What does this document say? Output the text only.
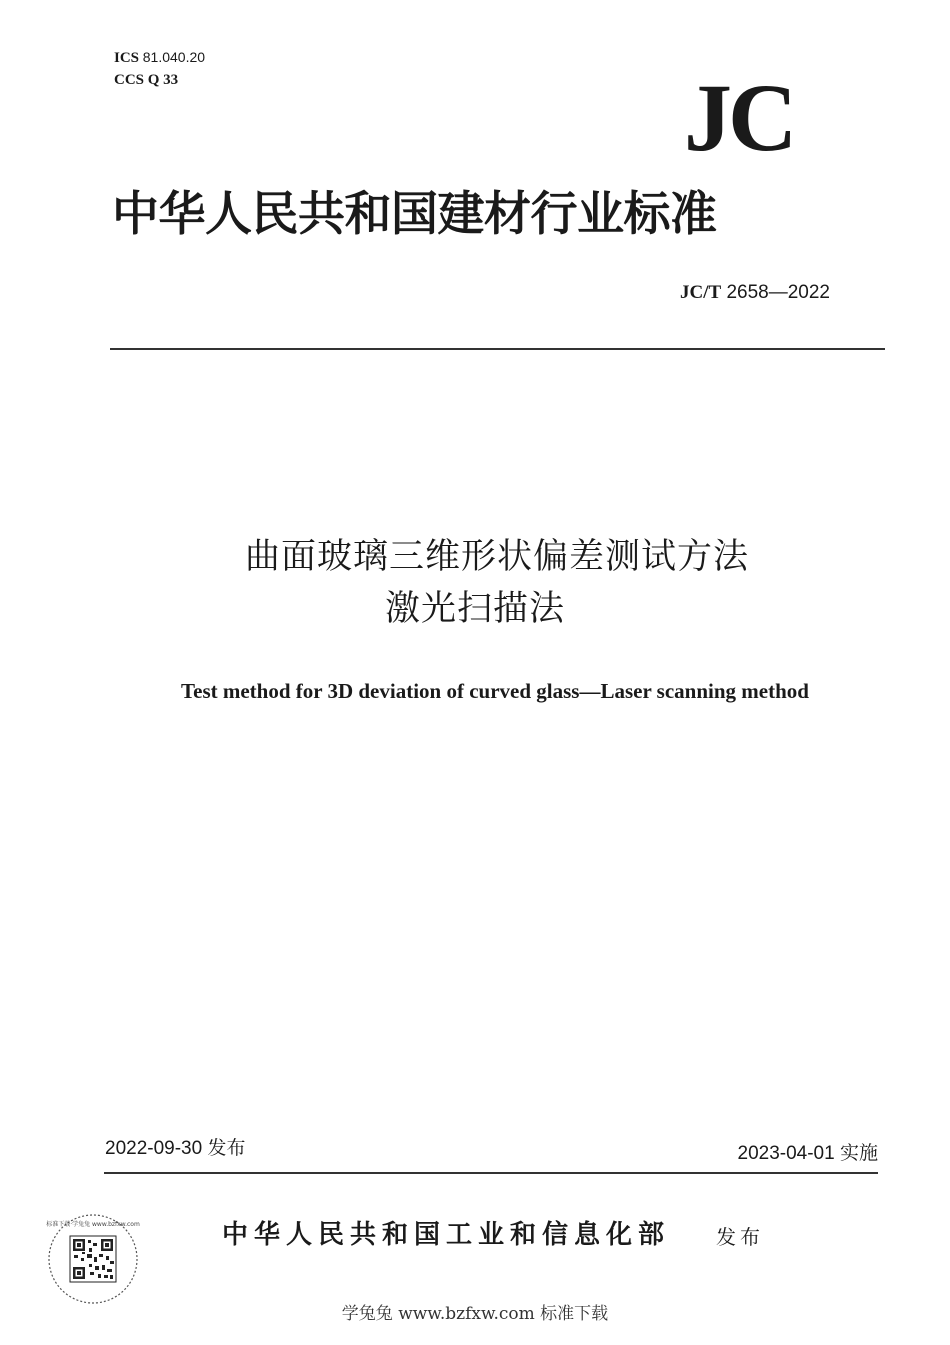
ICS 81.040.20
CCS Q 33	JC
中华人民共和国建材行业标准
JC/T 2658—2022
曲面玻璃三维形状偏差测试方法
激光扫描法
Test method for 3D deviation of curved glass—Laser scanning method
2022-09-30 发布	2023-04-01 实施
标准下载·学兔兔 www.bzfxw.com	中华人民共和国工业和信息化部 发布
学兔兔 www.bzfxw.com 标准下载
